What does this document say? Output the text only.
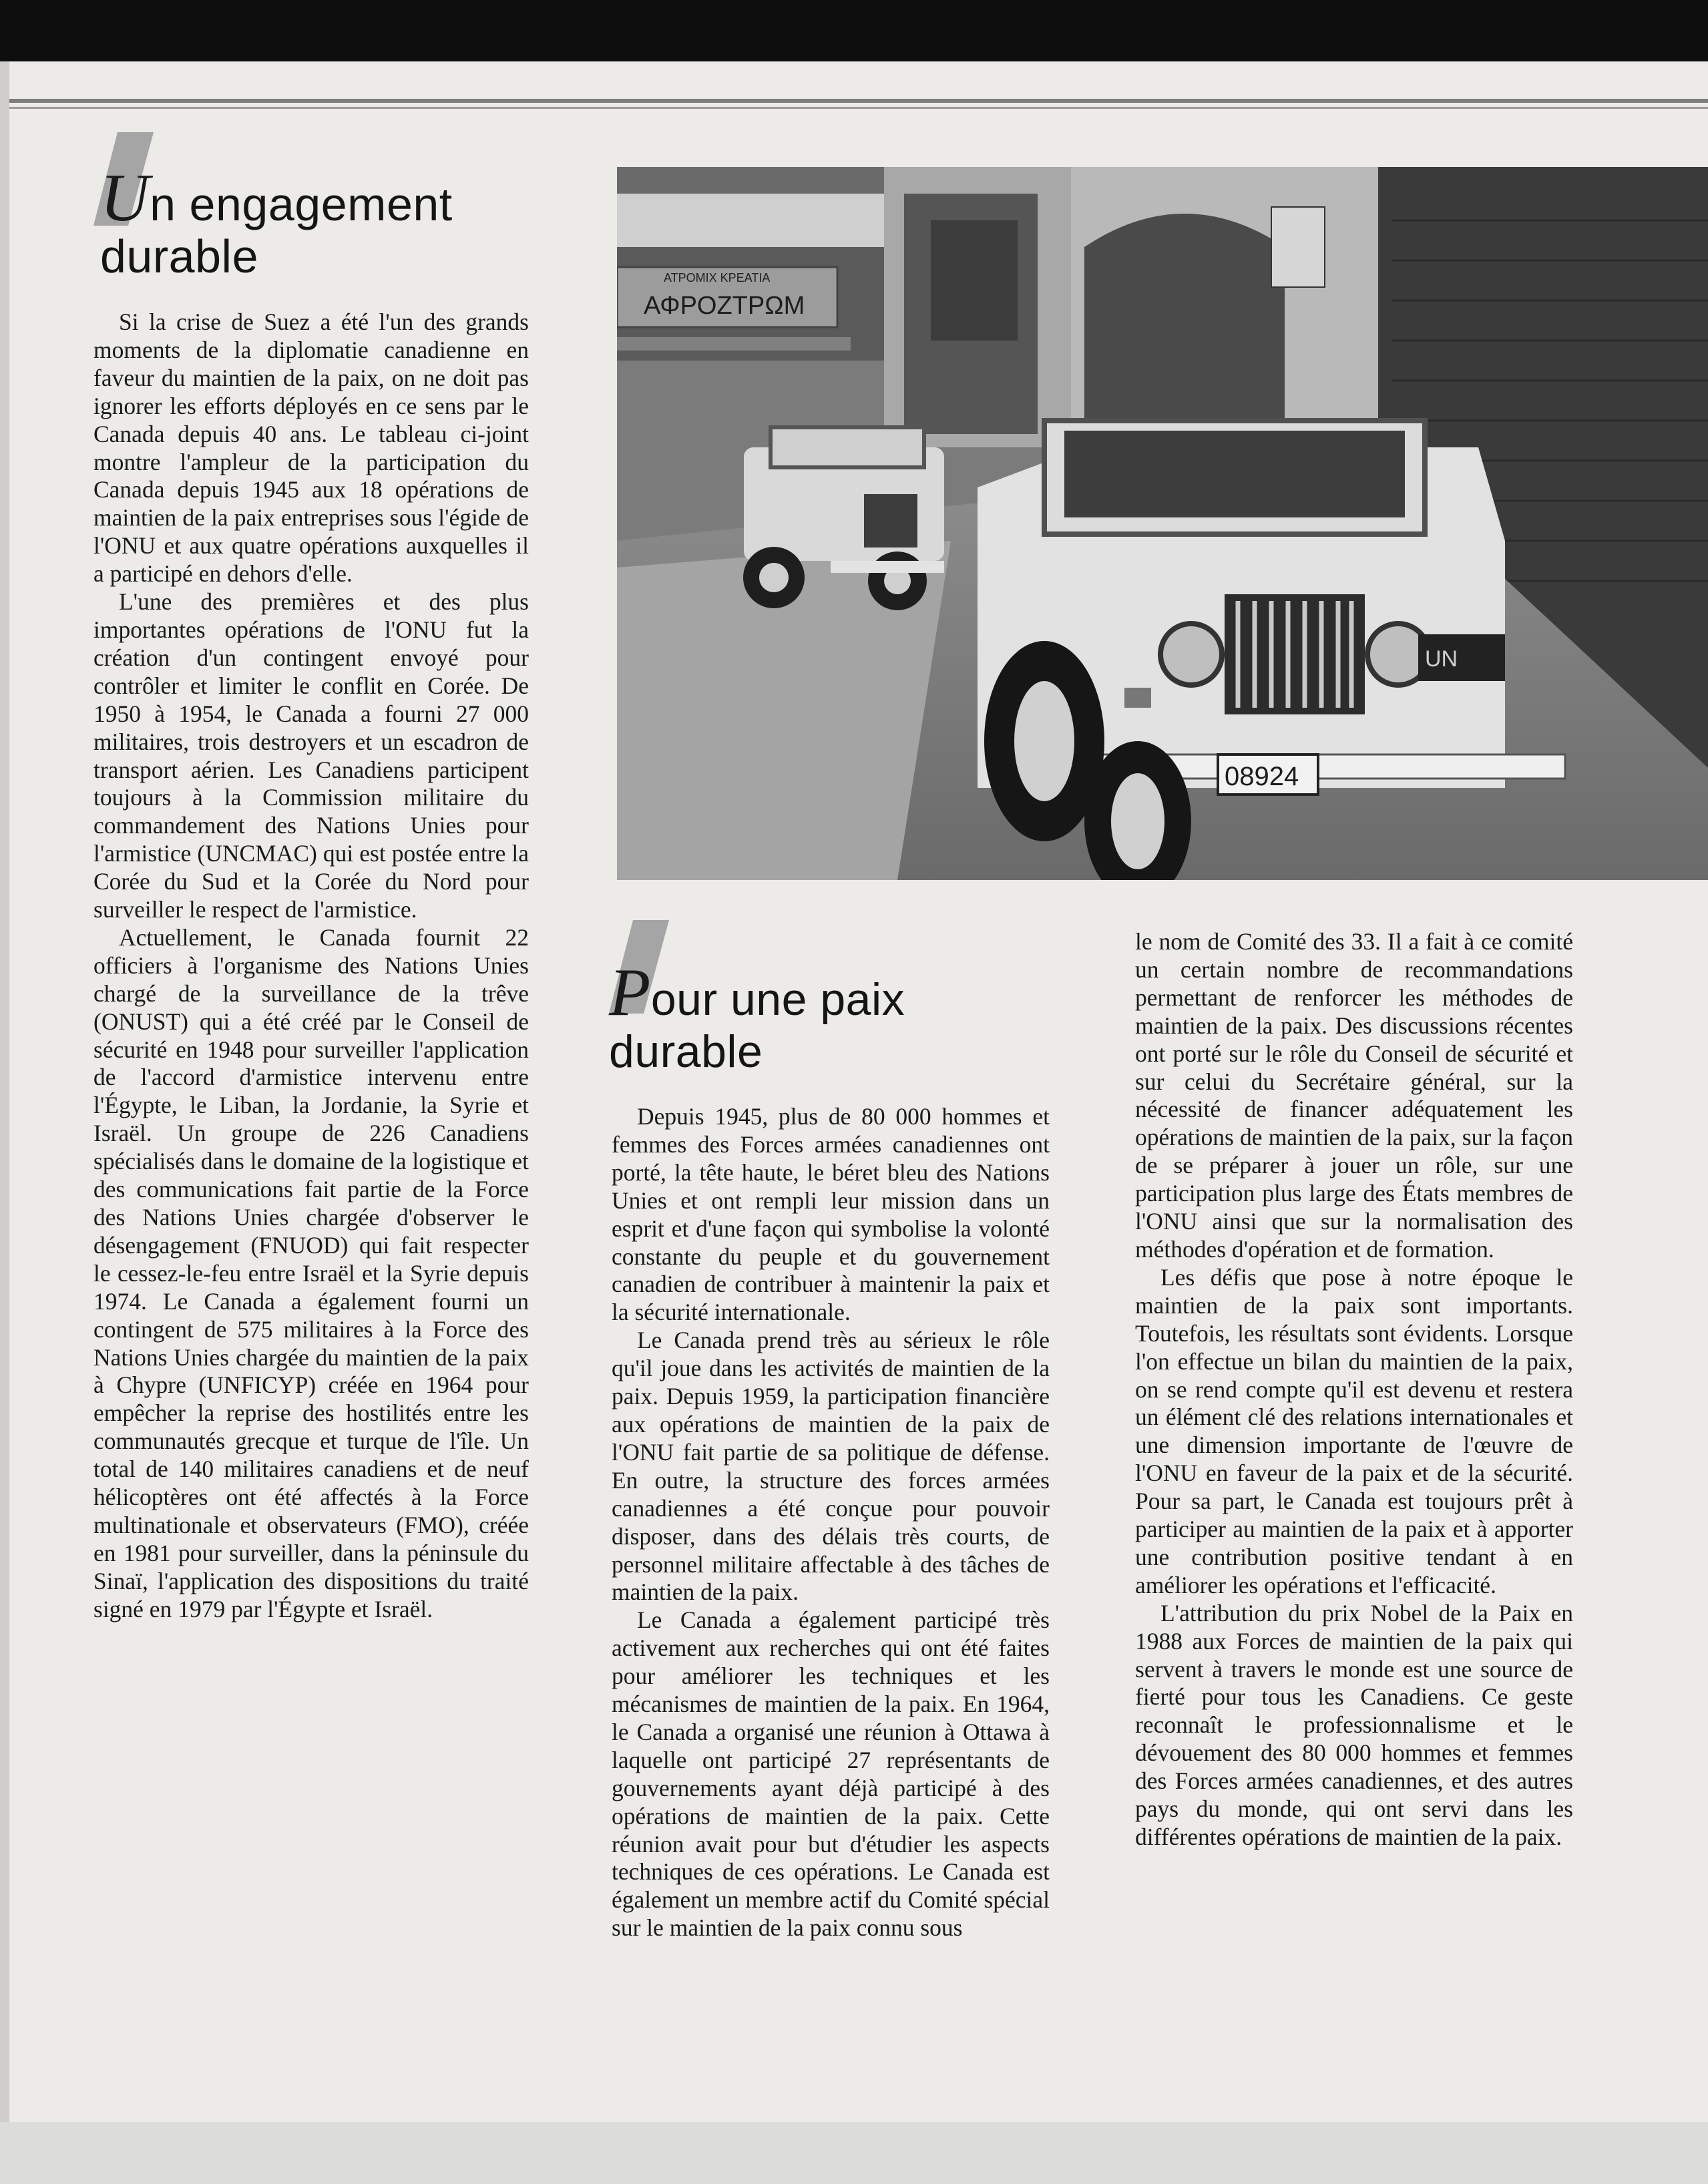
Un engagement
durable
Pour une paix
durable

Si la crise de Suez a été l'un des grands moments de la diplomatie canadienne en faveur du maintien de la paix, on ne doit pas ignorer les efforts déployés en ce sens par le Canada depuis 40 ans. Le tableau ci-joint montre l'ampleur de la participation du Canada depuis 1945 aux 18 opérations de maintien de la paix entreprises sous l'égide de l'ONU et aux quatre opérations auxquelles il a participé en dehors d'elle.

L'une des premières et des plus importantes opérations de l'ONU fut la création d'un contingent envoyé pour contrôler et limiter le conflit en Corée. De 1950 à 1954, le Canada a fourni 27 000 militaires, trois destroyers et un escadron de transport aérien. Les Canadiens participent toujours à la Commission militaire du commandement des Nations Unies pour l'armistice (UNCMAC) qui est postée entre la Corée du Sud et la Corée du Nord pour surveiller le respect de l'armistice.

Actuellement, le Canada fournit 22 officiers à l'organisme des Nations Unies chargé de la surveillance de la trêve (ONUST) qui a été créé par le Conseil de sécurité en 1948 pour surveiller l'application de l'accord d'armistice intervenu entre l'Égypte, le Liban, la Jordanie, la Syrie et Israël. Un groupe de 226 Canadiens spécialisés dans le domaine de la logistique et des communications fait partie de la Force des Nations Unies chargée d'observer le désengagement (FNUOD) qui fait respecter le cessez-le-feu entre Israël et la Syrie depuis 1974. Le Canada a également fourni un contingent de 575 militaires à la Force des Nations Unies chargée du maintien de la paix à Chypre (UNFICYP) créée en 1964 pour empêcher la reprise des hostilités entre les communautés grecque et turque de l'île. Un total de 140 militaires canadiens et de neuf hélicoptères ont été affectés à la Force multinationale et observateurs (FMO), créée en 1981 pour surveiller, dans la péninsule du Sinaï, l'application des dispositions du traité signé en 1979 par l'Égypte et Israël.

Depuis 1945, plus de 80 000 hommes et femmes des Forces armées canadiennes ont porté, la tête haute, le béret bleu des Nations Unies et ont rempli leur mission dans un esprit et d'une façon qui symbolise la volonté constante du peuple et du gouvernement canadien de contribuer à maintenir la paix et la sécurité internationale.

Le Canada prend très au sérieux le rôle qu'il joue dans les activités de maintien de la paix. Depuis 1959, la participation financière aux opérations de maintien de la paix de l'ONU fait partie de sa politique de défense. En outre, la structure des forces armées canadiennes a été conçue pour pouvoir disposer, dans des délais très courts, de personnel militaire affectable à des tâches de maintien de la paix.

Le Canada a également participé très activement aux recherches qui ont été faites pour améliorer les techniques et les mécanismes de maintien de la paix. En 1964, le Canada a organisé une réunion à Ottawa à laquelle ont participé 27 représentants de gouvernements ayant déjà participé à des opérations de maintien de la paix. Cette réunion avait pour but d'étudier les aspects techniques de ces opérations. Le Canada est également un membre actif du Comité spécial sur le maintien de la paix connu sous

le nom de Comité des 33. Il a fait à ce comité un certain nombre de recommandations permettant de renforcer les méthodes de maintien de la paix. Des discussions récentes ont porté sur le rôle du Conseil de sécurité et sur celui du Secrétaire général, sur la nécessité de financer adéquatement les opérations de maintien de la paix, sur la façon de se préparer à jouer un rôle, sur une participation plus large des États membres de l'ONU ainsi que sur la normalisation des méthodes d'opération et de formation.

Les défis que pose à notre époque le maintien de la paix sont importants. Toutefois, les résultats sont évidents. Lorsque l'on effectue un bilan du maintien de la paix, on se rend compte qu'il est devenu et restera un élément clé des relations internationales et une dimension importante de l'œuvre de l'ONU en faveur de la paix et de la sécurité. Pour sa part, le Canada est toujours prêt à participer au maintien de la paix et à apporter une contribution positive tendant à en améliorer les opérations et l'efficacité.

L'attribution du prix Nobel de la Paix en 1988 aux Forces de maintien de la paix qui servent à travers le monde est une source de fierté pour tous les Canadiens. Ce geste reconnaît le professionnalisme et le dévouement des 80 000 hommes et femmes des Forces armées canadiennes, et des autres pays du monde, qui ont servi dans les différentes opérations de maintien de la paix.

ΑΤΡΟΜΙΧ ΚΡΕΑΤΙΑ
ΑΦΡΟΖΤΡΩΜ
UN
08924
